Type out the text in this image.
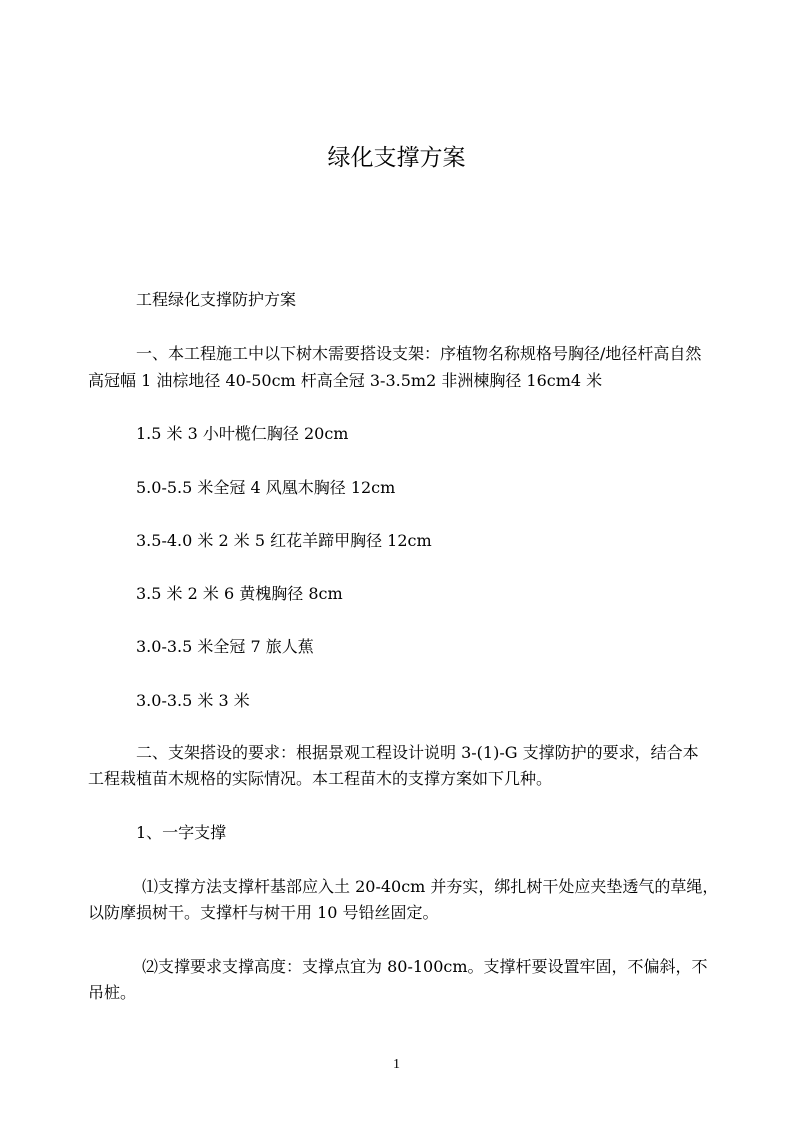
绿化支撑方案
工程绿化支撑防护方案
一、本工程施工中以下树木需要搭设支架：序植物名称规格号胸径/地径杆高自然
高冠幅 1 油棕地径 40-50cm 杆高全冠 3-3.5m2 非洲楝胸径 16cm4 米
1.5 米 3 小叶榄仁胸径 20cm
5.0-5.5 米全冠 4 风凰木胸径 12cm
3.5-4.0 米 2 米 5 红花羊蹄甲胸径 12cm
3.5 米 2 米 6 黄槐胸径 8cm
3.0-3.5 米全冠 7 旅人蕉
3.0-3.5 米 3 米
二、支架搭设的要求：根据景观工程设计说明 3-(1)-G 支撑防护的要求，结合本
工程栽植苗木规格的实际情况。本工程苗木的支撑方案如下几种。
1、一字支撑
⑴支撑方法支撑杆基部应入土 20-40cm 并夯实，绑扎树干处应夹垫透气的草绳，
以防摩损树干。支撑杆与树干用 10 号铅丝固定。
⑵支撑要求支撑高度：支撑点宜为 80-100cm。支撑杆要设置牢固，不偏斜，不
吊桩。
1
